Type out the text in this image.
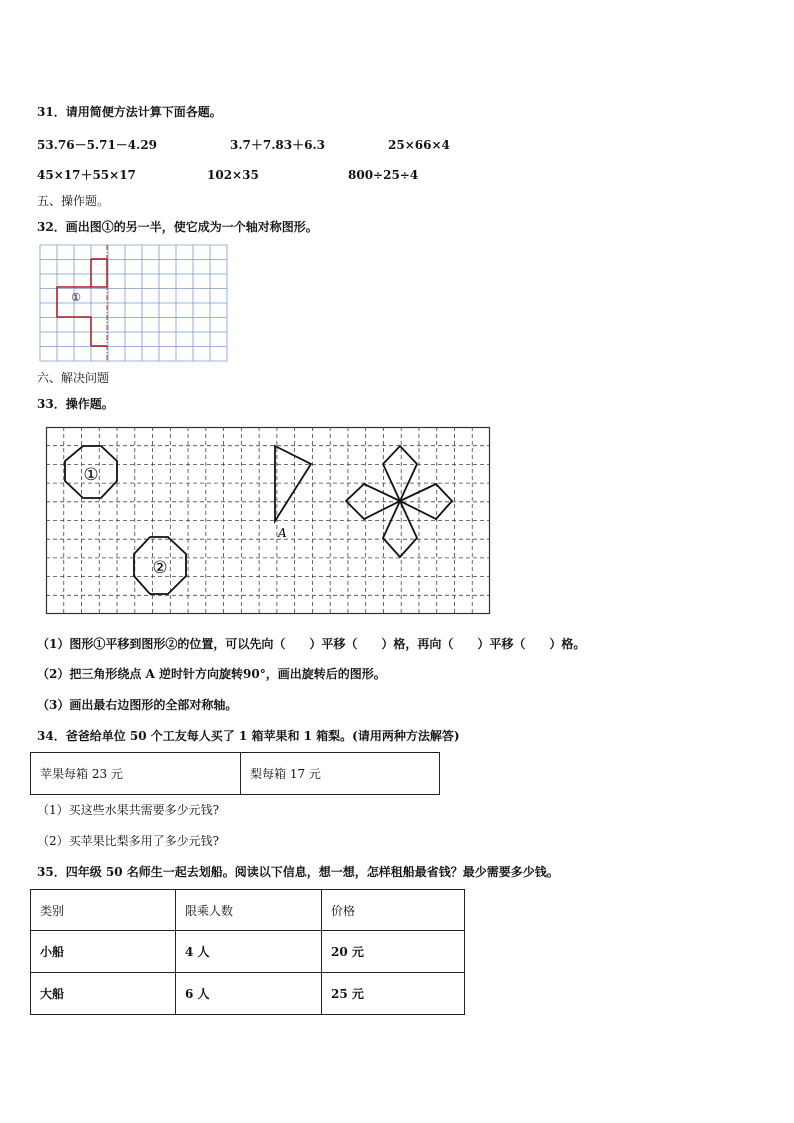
31．请用简便方法计算下面各题。
53.76－5.71－4.29	3.7＋7.83＋6.3	25×66×4
45×17＋55×17	102×35	800÷25÷4
五、操作题。
32．画出图①的另一半，使它成为一个轴对称图形。
①
六、解决问题
33．操作题。
①
②
A
（1）图形①平移到图形②的位置，可以先向（　　）平移（　　）格，再向（　　）平移（　　）格。
（2）把三角形绕点 A 逆时针方向旋转90°，画出旋转后的图形。
（3）画出最右边图形的全部对称轴。
34．爸爸给单位 50 个工友每人买了 1 箱苹果和 1 箱梨。(请用两种方法解答)
苹果每箱 23 元	梨每箱 17 元
（1）买这些水果共需要多少元钱?
（2）买苹果比梨多用了多少元钱?
35．四年级 50 名师生一起去划船。阅读以下信息，想一想，怎样租船最省钱？最少需要多少钱。
类别	限乘人数	价格
小船	4 人	20 元
大船	6 人	25 元
